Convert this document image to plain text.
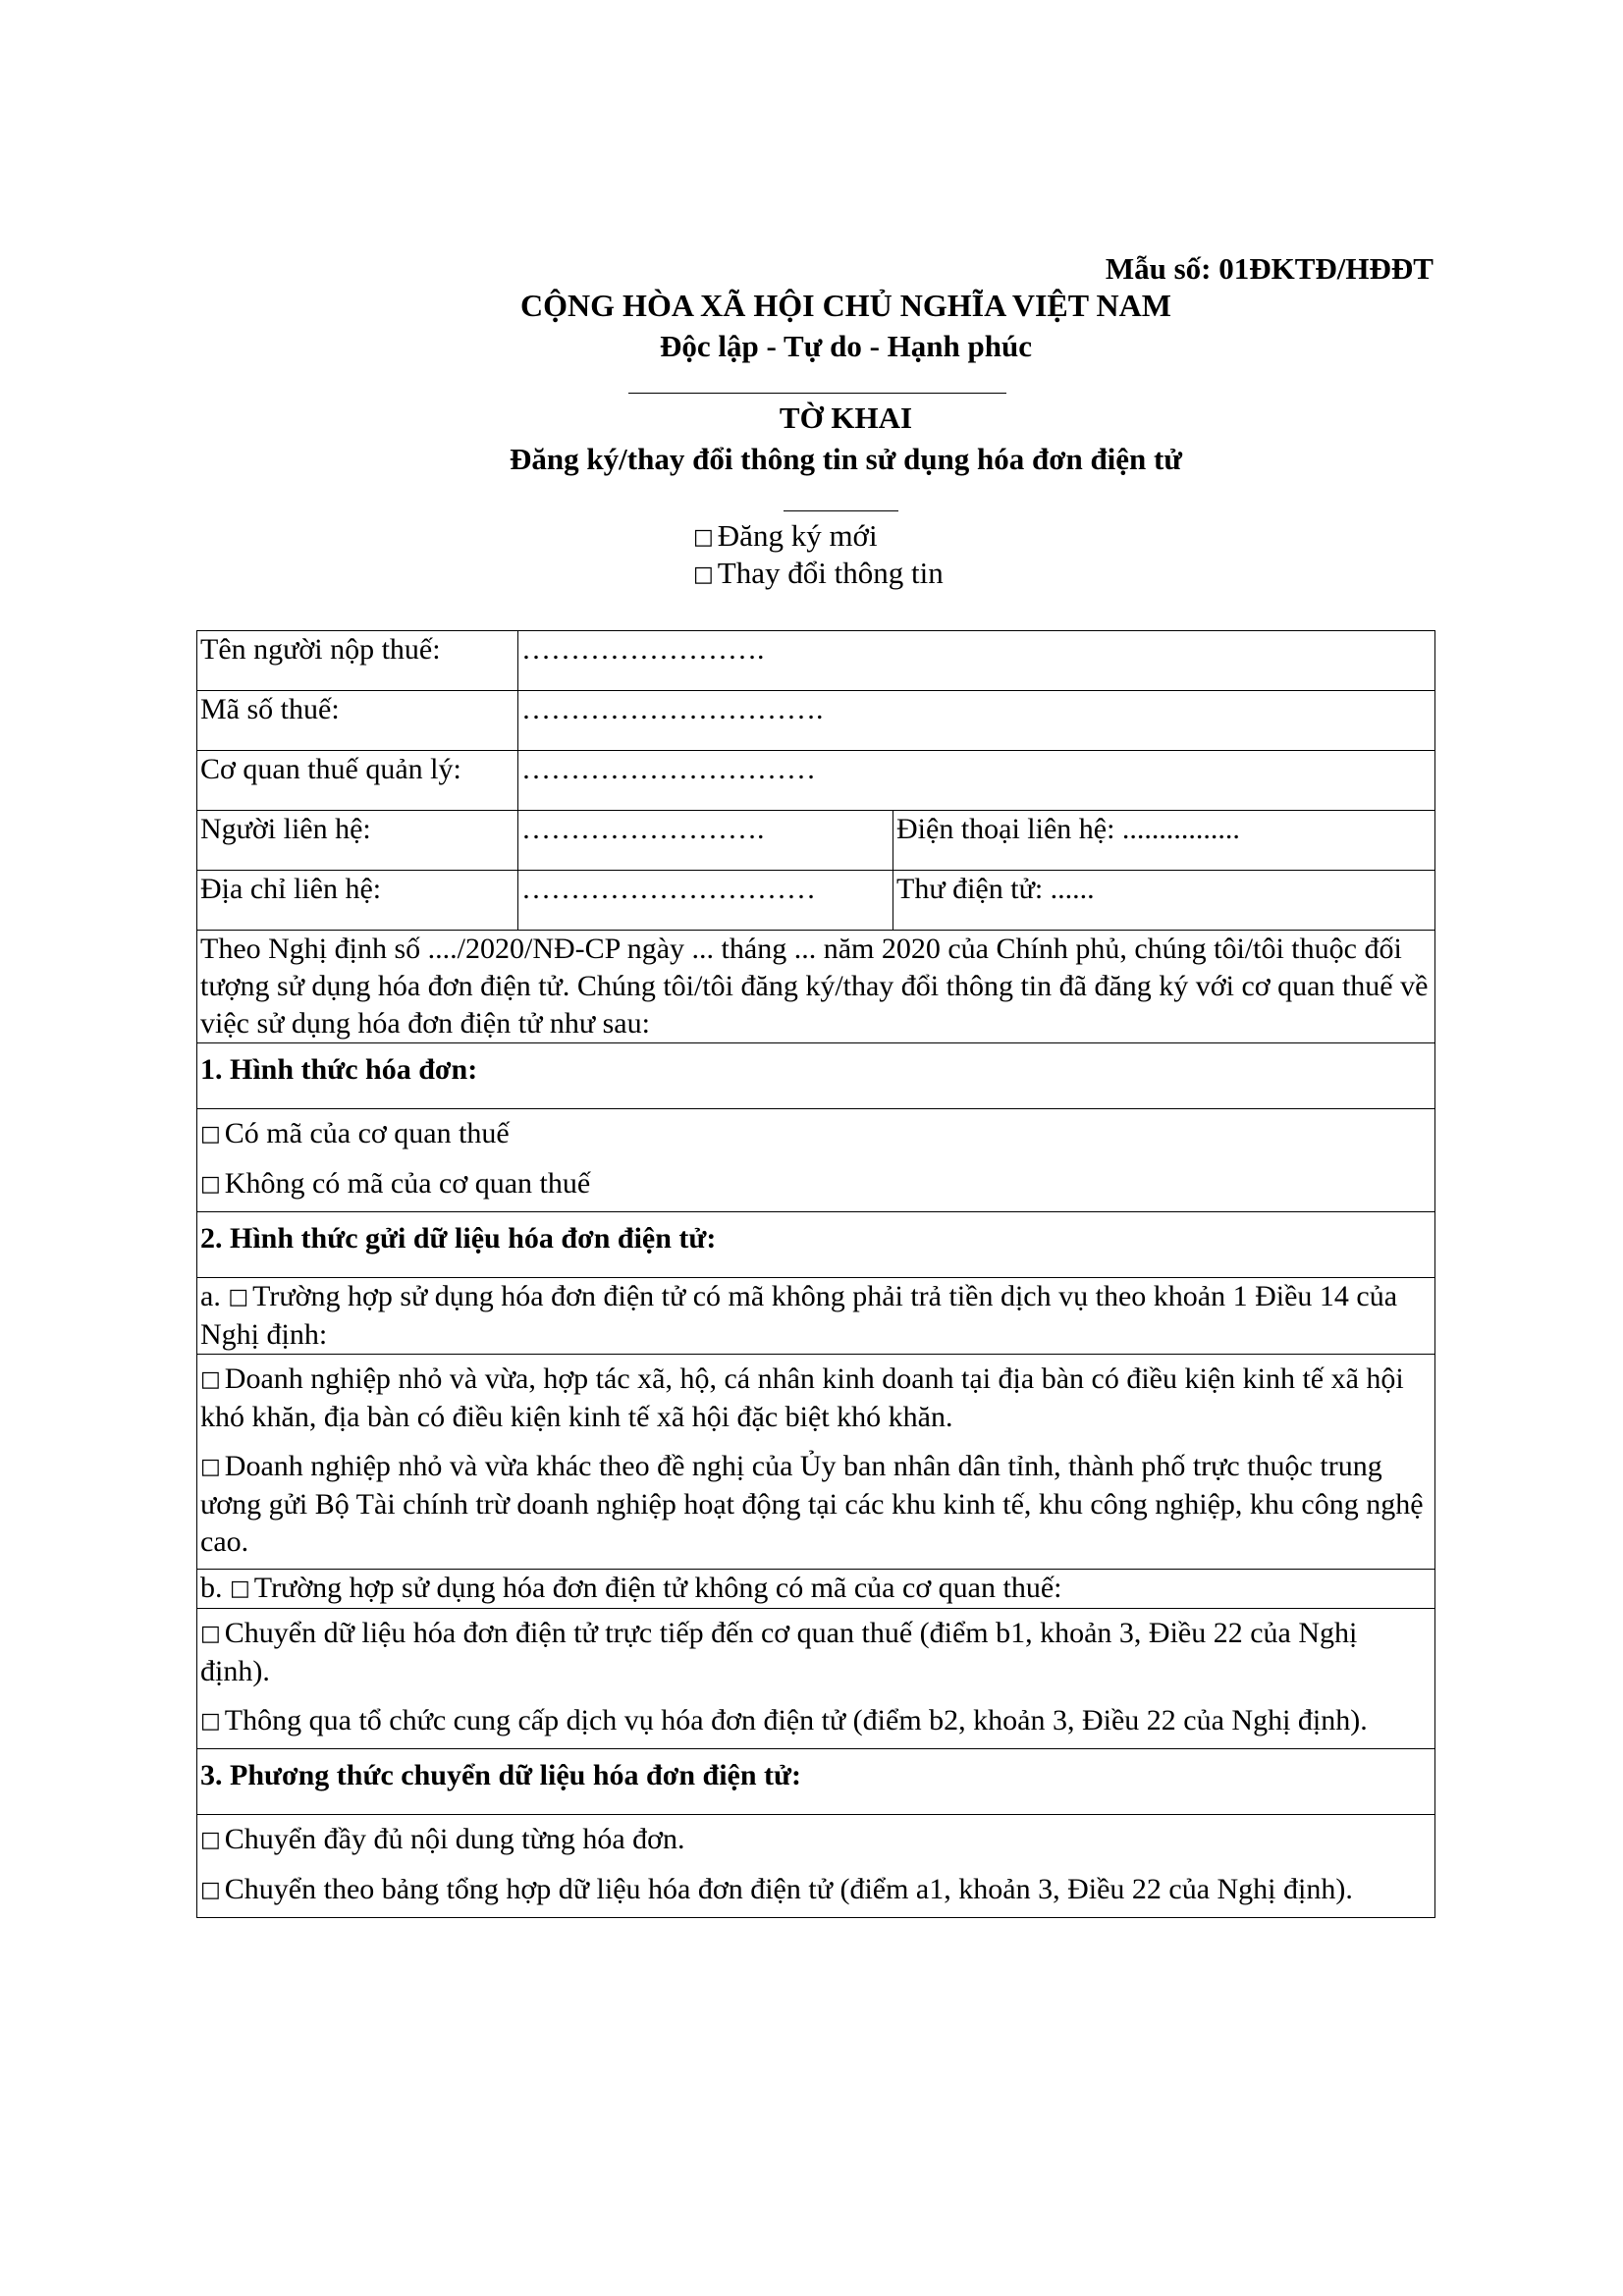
Mẫu số: 01ĐKTĐ/HĐĐT
CỘNG HÒA XÃ HỘI CHỦ NGHĨA VIỆT NAM
Độc lập - Tự do - Hạnh phúc
TỜ KHAI
Đăng ký/thay đổi thông tin sử dụng hóa đơn điện tử
□ Đăng ký mới
□ Thay đổi thông tin
Tên người nộp thuế:	…………………….	
Mã số thuế:	………………………….	
Cơ quan thuế quản lý:	…………………………	
Người liên hệ:	…………………….	Điện thoại liên hệ: ................
Địa chỉ liên hệ:	…………………………	Thư điện tử: ......
Theo Nghị định số ..../2020/NĐ-CP ngày ... tháng ... năm 2020 của Chính phủ, chúng tôi/tôi thuộc đối tượng sử dụng hóa đơn điện tử. Chúng tôi/tôi đăng ký/thay đổi thông tin đã đăng ký với cơ quan thuế về việc sử dụng hóa đơn điện tử như sau:		
1. Hình thức hóa đơn:		

□ Có mã của cơ quan thuế
□ Không có mã của cơ quan thuế		

2. Hình thức gửi dữ liệu hóa đơn điện tử:		
a. □ Trường hợp sử dụng hóa đơn điện tử có mã không phải trả tiền dịch vụ theo khoản 1 Điều 14 của Nghị định:		

□ Doanh nghiệp nhỏ và vừa, hợp tác xã, hộ, cá nhân kinh doanh tại địa bàn có điều kiện kinh tế xã hội khó khăn, địa bàn có điều kiện kinh tế xã hội đặc biệt khó khăn.
□ Doanh nghiệp nhỏ và vừa khác theo đề nghị của Ủy ban nhân dân tỉnh, thành phố trực thuộc trung ương gửi Bộ Tài chính trừ doanh nghiệp hoạt động tại các khu kinh tế, khu công nghiệp, khu công nghệ cao.		

b. □ Trường hợp sử dụng hóa đơn điện tử không có mã của cơ quan thuế:		

□ Chuyển dữ liệu hóa đơn điện tử trực tiếp đến cơ quan thuế (điểm b1, khoản 3, Điều 22 của Nghị định).
□ Thông qua tổ chức cung cấp dịch vụ hóa đơn điện tử (điểm b2, khoản 3, Điều 22 của Nghị định).		

3. Phương thức chuyển dữ liệu hóa đơn điện tử:		

□ Chuyển đầy đủ nội dung từng hóa đơn.
□ Chuyển theo bảng tổng hợp dữ liệu hóa đơn điện tử (điểm a1, khoản 3, Điều 22 của Nghị định).		
